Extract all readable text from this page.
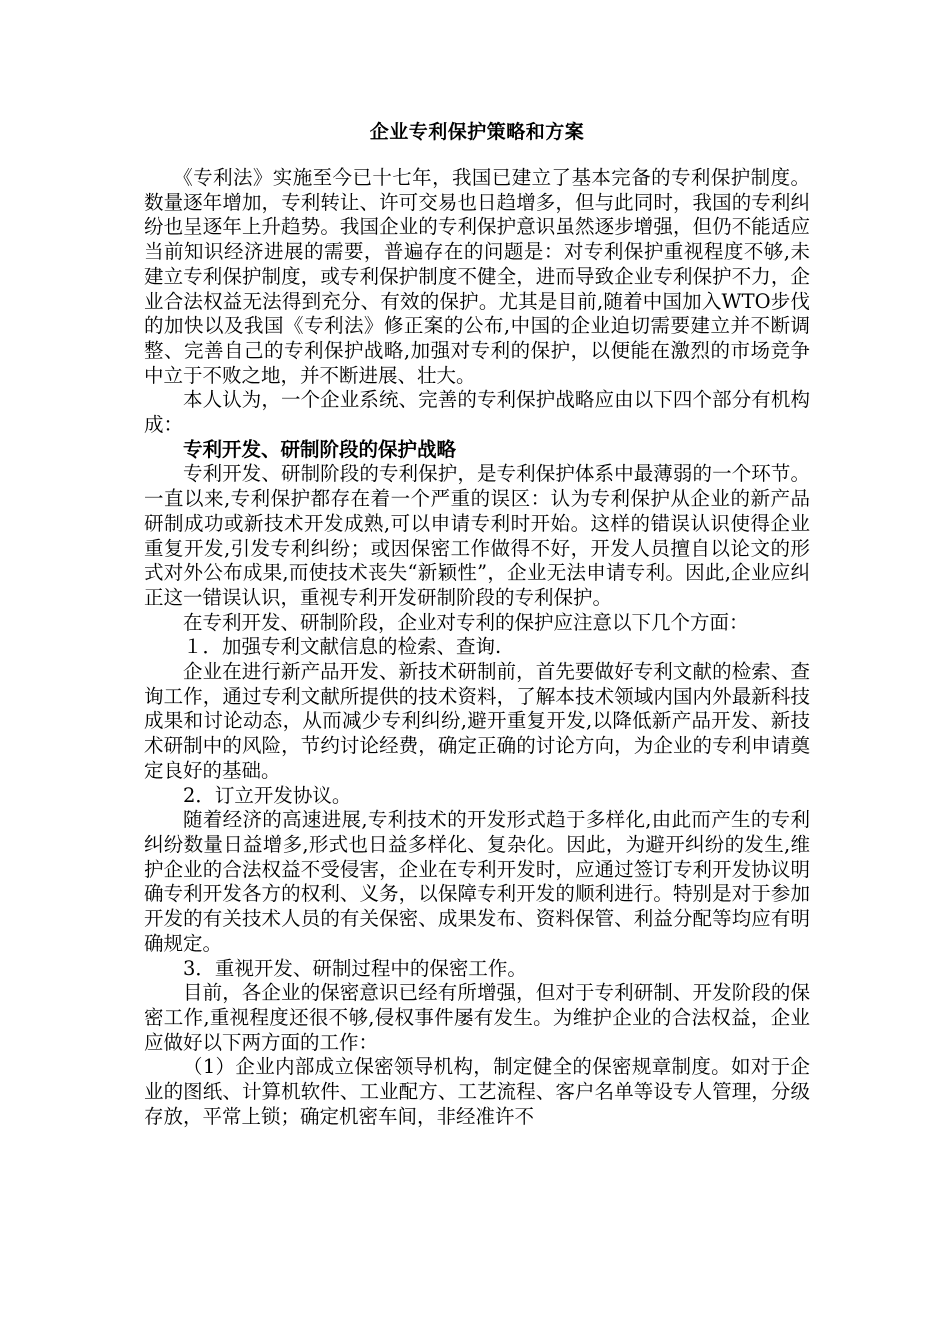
企业专利保护策略和方案

《专利法》实施至今已十七年，我国已建立了基本完备的专利保护制度。数量逐年增加，专利转让、许可交易也日趋增多，但与此同时，我国的专利纠纷也呈逐年上升趋势。我国企业的专利保护意识虽然逐步增强，但仍不能适应当前知识经济进展的需要，普遍存在的问题是：对专利保护重视程度不够,未建立专利保护制度，或专利保护制度不健全，进而导致企业专利保护不力，企业合法权益无法得到充分、有效的保护。尤其是目前,随着中国加入WTO步伐的加快以及我国《专利法》修正案的公布,中国的企业迫切需要建立并不断调整、完善自己的专利保护战略,加强对专利的保护，以便能在激烈的市场竞争中立于不败之地，并不断进展、壮大。

本人认为，一个企业系统、完善的专利保护战略应由以下四个部分有机构成：

专利开发、研制阶段的保护战略

专利开发、研制阶段的专利保护，是专利保护体系中最薄弱的一个环节。一直以来,专利保护都存在着一个严重的误区：认为专利保护从企业的新产品研制成功或新技术开发成熟,可以申请专利时开始。这样的错误认识使得企业重复开发,引发专利纠纷；或因保密工作做得不好，开发人员擅自以论文的形式对外公布成果,而使技术丧失“新颖性”，企业无法申请专利。因此,企业应纠正这一错误认识，重视专利开发研制阶段的专利保护。

在专利开发、研制阶段，企业对专利的保护应注意以下几个方面：

１．加强专利文献信息的检索、查询.

企业在进行新产品开发、新技术研制前，首先要做好专利文献的检索、查询工作，通过专利文献所提供的技术资料，了解本技术领域内国内外最新科技成果和讨论动态，从而减少专利纠纷,避开重复开发,以降低新产品开发、新技术研制中的风险，节约讨论经费，确定正确的讨论方向，为企业的专利申请奠定良好的基础。

2．订立开发协议。

随着经济的高速进展,专利技术的开发形式趋于多样化,由此而产生的专利纠纷数量日益增多,形式也日益多样化、复杂化。因此，为避开纠纷的发生,维护企业的合法权益不受侵害，企业在专利开发时，应通过签订专利开发协议明确专利开发各方的权利、义务，以保障专利开发的顺利进行。特别是对于参加开发的有关技术人员的有关保密、成果发布、资料保管、利益分配等均应有明确规定。

3．重视开发、研制过程中的保密工作。

目前，各企业的保密意识已经有所增强，但对于专利研制、开发阶段的保密工作,重视程度还很不够,侵权事件屡有发生。为维护企业的合法权益，企业应做好以下两方面的工作：

（1）企业内部成立保密领导机构，制定健全的保密规章制度。如对于企业的图纸、计算机软件、工业配方、工艺流程、客户名单等设专人管理，分级存放，平常上锁；确定机密车间，非经准许不
